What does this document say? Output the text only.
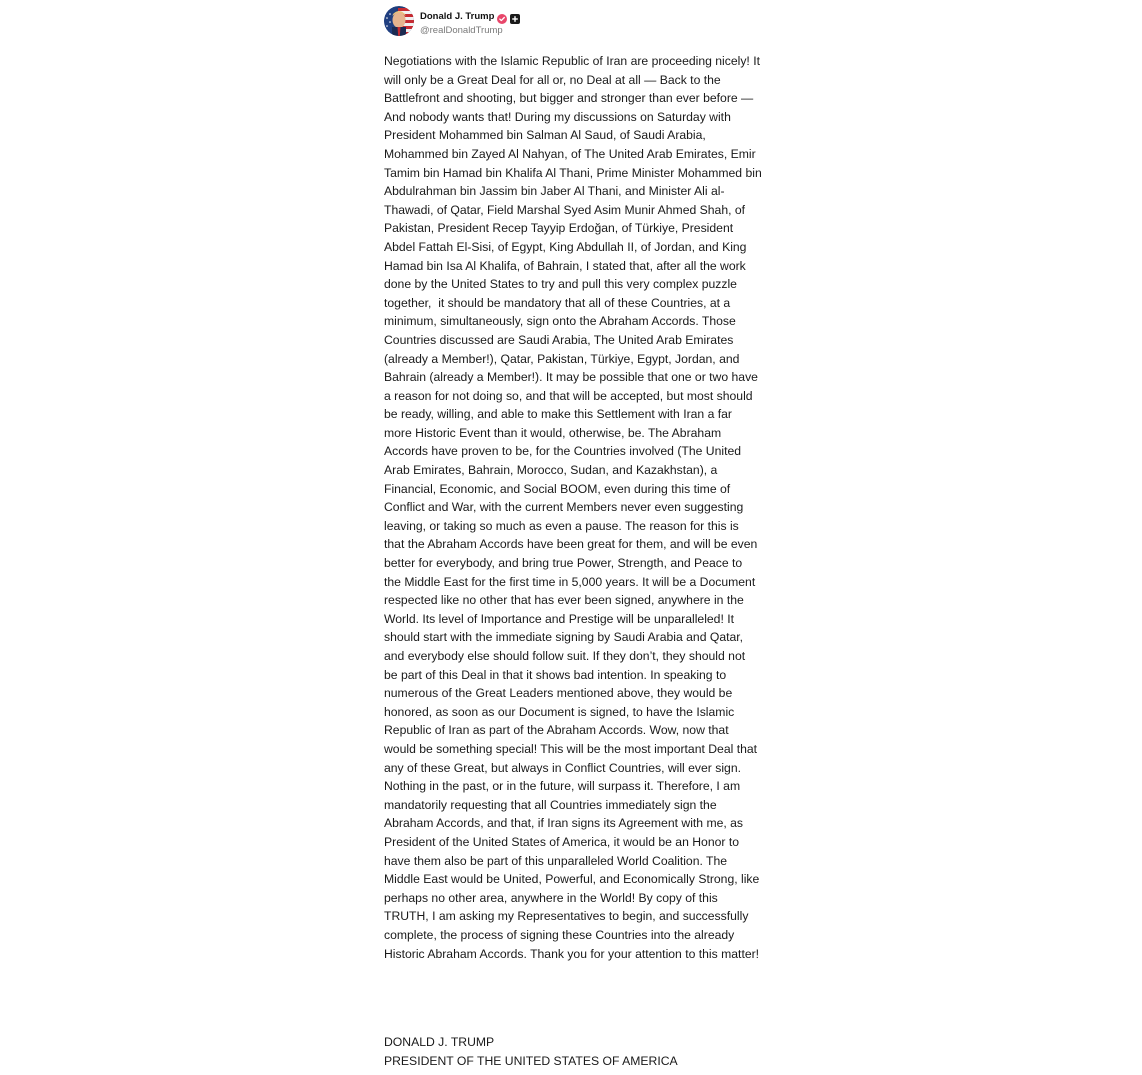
Donald J. Trump
@realDonaldTrump

Negotiations with the Islamic Republic of Iran are proceeding nicely! It will only be a Great Deal for all or, no Deal at all — Back to the Battlefront and shooting, but bigger and stronger than ever before — And nobody wants that! During my discussions on Saturday with President Mohammed bin Salman Al Saud, of Saudi Arabia, Mohammed bin Zayed Al Nahyan, of The United Arab Emirates, Emir Tamim bin Hamad bin Khalifa Al Thani, Prime Minister Mohammed bin Abdulrahman bin Jassim bin Jaber Al Thani, and Minister Ali al-Thawadi, of Qatar, Field Marshal Syed Asim Munir Ahmed Shah, of Pakistan, President Recep Tayyip Erdoğan, of Türkiye, President Abdel Fattah El-Sisi, of Egypt, King Abdullah II, of Jordan, and King Hamad bin Isa Al Khalifa, of Bahrain, I stated that, after all the work done by the United States to try and pull this very complex puzzle together,  it should be mandatory that all of these Countries, at a minimum, simultaneously, sign onto the Abraham Accords. Those Countries discussed are Saudi Arabia, The United Arab Emirates (already a Member!), Qatar, Pakistan, Türkiye, Egypt, Jordan, and Bahrain (already a Member!). It may be possible that one or two have a reason for not doing so, and that will be accepted, but most should be ready, willing, and able to make this Settlement with Iran a far more Historic Event than it would, otherwise, be. The Abraham Accords have proven to be, for the Countries involved (The United Arab Emirates, Bahrain, Morocco, Sudan, and Kazakhstan), a Financial, Economic, and Social BOOM, even during this time of Conflict and War, with the current Members never even suggesting leaving, or taking so much as even a pause. The reason for this is that the Abraham Accords have been great for them, and will be even better for everybody, and bring true Power, Strength, and Peace to the Middle East for the first time in 5,000 years. It will be a Document respected like no other that has ever been signed, anywhere in the World. Its level of Importance and Prestige will be unparalleled! It should start with the immediate signing by Saudi Arabia and Qatar, and everybody else should follow suit. If they don’t, they should not be part of this Deal in that it shows bad intention. In speaking to numerous of the Great Leaders mentioned above, they would be honored, as soon as our Document is signed, to have the Islamic Republic of Iran as part of the Abraham Accords. Wow, now that would be something special! This will be the most important Deal that any of these Great, but always in Conflict Countries, will ever sign. Nothing in the past, or in the future, will surpass it. Therefore, I am mandatorily requesting that all Countries immediately sign the Abraham Accords, and that, if Iran signs its Agreement with me, as President of the United States of America, it would be an Honor to have them also be part of this unparalleled World Coalition. The Middle East would be United, Powerful, and Economically Strong, like perhaps no other area, anywhere in the World! By copy of this TRUTH, I am asking my Representatives to begin, and successfully complete, the process of signing these Countries into the already Historic Abraham Accords. Thank you for your attention to this matter!

DONALD J. TRUMP
PRESIDENT OF THE UNITED STATES OF AMERICA
